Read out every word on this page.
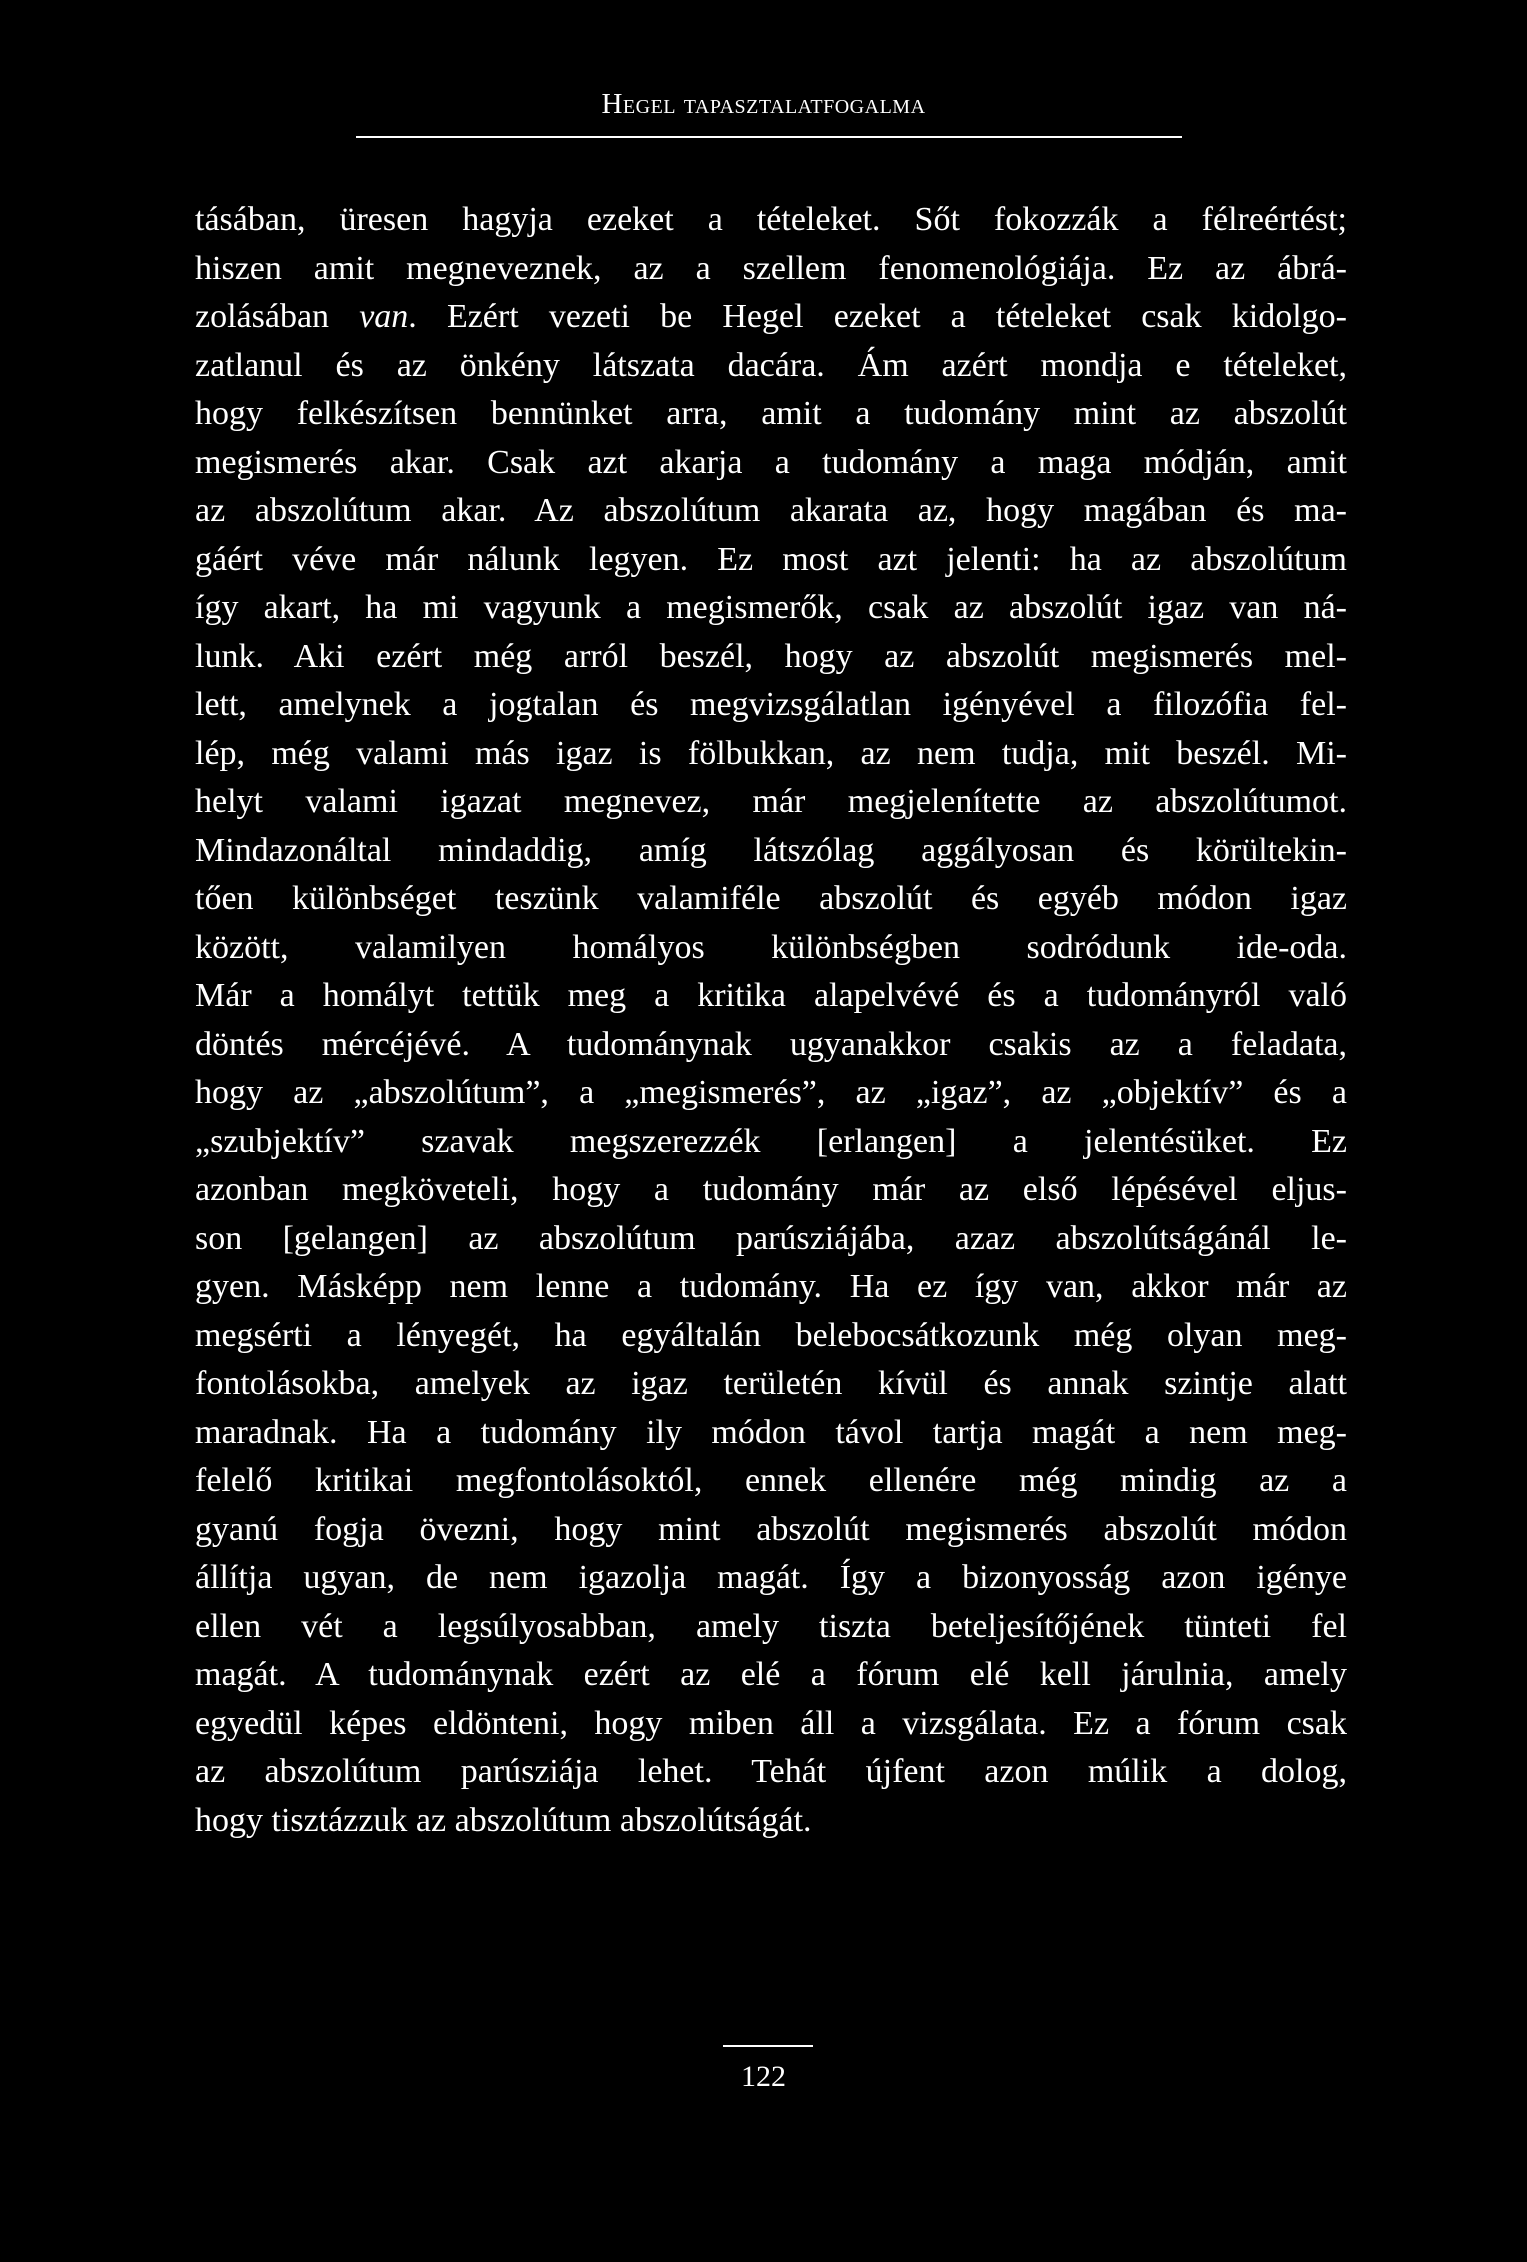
Hegel tapasztalatfogalma
tásában, üresen hagyja ezeket a tételeket. Sőt fokozzák a félreértést;
hiszen amit megneveznek, az a szellem fenomenológiája. Ez az ábrá-
zolásában van. Ezért vezeti be Hegel ezeket a tételeket csak kidolgo-
zatlanul és az önkény látszata dacára. Ám azért mondja e tételeket,
hogy felkészítsen bennünket arra, amit a tudomány mint az abszolút
megismerés akar. Csak azt akarja a tudomány a maga módján, amit
az abszolútum akar. Az abszolútum akarata az, hogy magában és ma-
gáért véve már nálunk legyen. Ez most azt jelenti: ha az abszolútum
így akart, ha mi vagyunk a megismerők, csak az abszolút igaz van ná-
lunk. Aki ezért még arról beszél, hogy az abszolút megismerés mel-
lett, amelynek a jogtalan és megvizsgálatlan igényével a filozófia fel-
lép, még valami más igaz is fölbukkan, az nem tudja, mit beszél. Mi-
helyt valami igazat megnevez, már megjelenítette az abszolútumot.
Mindazonáltal mindaddig, amíg látszólag aggályosan és körültekin-
tően különbséget teszünk valamiféle abszolút és egyéb módon igaz
között, valamilyen homályos különbségben sodródunk ide-oda.
Már a homályt tettük meg a kritika alapelvévé és a tudományról való
döntés mércéjévé. A tudománynak ugyanakkor csakis az a feladata,
hogy az „abszolútum”, a „megismerés”, az „igaz”, az „objektív” és a
„szubjektív” szavak megszerezzék [erlangen] a jelentésüket. Ez
azonban megköveteli, hogy a tudomány már az első lépésével eljus-
son [gelangen] az abszolútum parúsziájába, azaz abszolútságánál le-
gyen. Másképp nem lenne a tudomány. Ha ez így van, akkor már az
megsérti a lényegét, ha egyáltalán belebocsátkozunk még olyan meg-
fontolásokba, amelyek az igaz területén kívül és annak szintje alatt
maradnak. Ha a tudomány ily módon távol tartja magát a nem meg-
felelő kritikai megfontolásoktól, ennek ellenére még mindig az a
gyanú fogja övezni, hogy mint abszolút megismerés abszolút módon
állítja ugyan, de nem igazolja magát. Így a bizonyosság azon igénye
ellen vét a legsúlyosabban, amely tiszta beteljesítőjének tünteti fel
magát. A tudománynak ezért az elé a fórum elé kell járulnia, amely
egyedül képes eldönteni, hogy miben áll a vizsgálata. Ez a fórum csak
az abszolútum parúsziája lehet. Tehát újfent azon múlik a dolog,
hogy tisztázzuk az abszolútum abszolútságát.
122
